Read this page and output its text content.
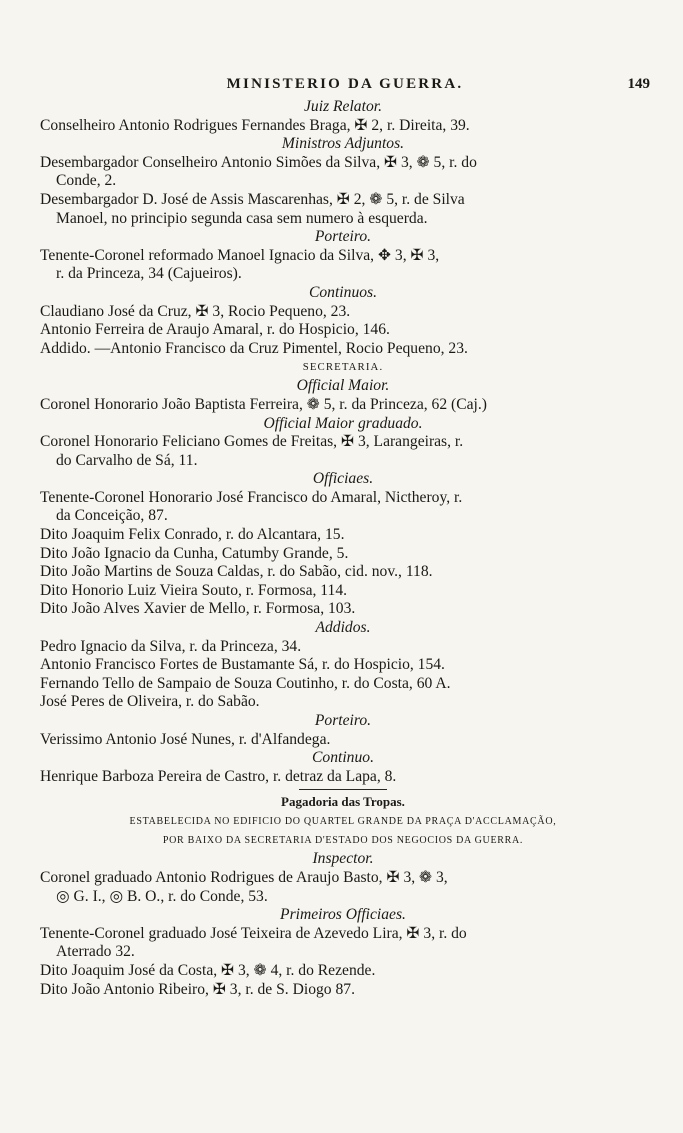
MINISTERIO DA GUERRA.	149
Juiz Relator.
Conselheiro Antonio Rodrigues Fernandes Braga, ✠ 2, r. Direita, 39.
Ministros Adjuntos.
Desembargador Conselheiro Antonio Simões da Silva, ✠ 3, ❁ 5, r. do
Conde, 2.
Desembargador D. José de Assis Mascarenhas, ✠ 2, ❁ 5, r. de Silva
Manoel, no principio segunda casa sem numero à esquerda.
Porteiro.
Tenente-Coronel reformado Manoel Ignacio da Silva, ✥ 3, ✠ 3,
r. da Princeza, 34 (Cajueiros).
Continuos.
Claudiano José da Cruz, ✠ 3, Rocio Pequeno, 23.
Antonio Ferreira de Araujo Amaral, r. do Hospicio, 146.
Addido. —Antonio Francisco da Cruz Pimentel, Rocio Pequeno, 23.
SECRETARIA.
Official Maior.
Coronel Honorario João Baptista Ferreira, ❁ 5, r. da Princeza, 62 (Caj.)
Official Maior graduado.
Coronel Honorario Feliciano Gomes de Freitas, ✠ 3, Larangeiras, r.
do Carvalho de Sá, 11.
Officiaes.
Tenente-Coronel Honorario José Francisco do Amaral, Nictheroy, r.
da Conceição, 87.
Dito Joaquim Felix Conrado, r. do Alcantara, 15.
Dito João Ignacio da Cunha, Catumby Grande, 5.
Dito João Martins de Souza Caldas, r. do Sabão, cid. nov., 118.
Dito Honorio Luiz Vieira Souto, r. Formosa, 114.
Dito João Alves Xavier de Mello, r. Formosa, 103.
Addidos.
Pedro Ignacio da Silva, r. da Princeza, 34.
Antonio Francisco Fortes de Bustamante Sá, r. do Hospicio, 154.
Fernando Tello de Sampaio de Souza Coutinho, r. do Costa, 60 A.
José Peres de Oliveira, r. do Sabão.
Porteiro.
Verissimo Antonio José Nunes, r. d'Alfandega.
Continuo.
Henrique Barboza Pereira de Castro, r. detraz da Lapa, 8.
Pagadoria das Tropas.
ESTABELECIDA NO EDIFICIO DO QUARTEL GRANDE DA PRAÇA D'ACCLAMAÇÃO,
POR BAIXO DA SECRETARIA D'ESTADO DOS NEGOCIOS DA GUERRA.
Inspector.
Coronel graduado Antonio Rodrigues de Araujo Basto, ✠ 3, ❁ 3,
◎ G. I., ◎ B. O., r. do Conde, 53.
Primeiros Officiaes.
Tenente-Coronel graduado José Teixeira de Azevedo Lira, ✠ 3, r. do
Aterrado 32.
Dito Joaquim José da Costa, ✠ 3, ❁ 4, r. do Rezende.
Dito João Antonio Ribeiro, ✠ 3, r. de S. Diogo 87.
